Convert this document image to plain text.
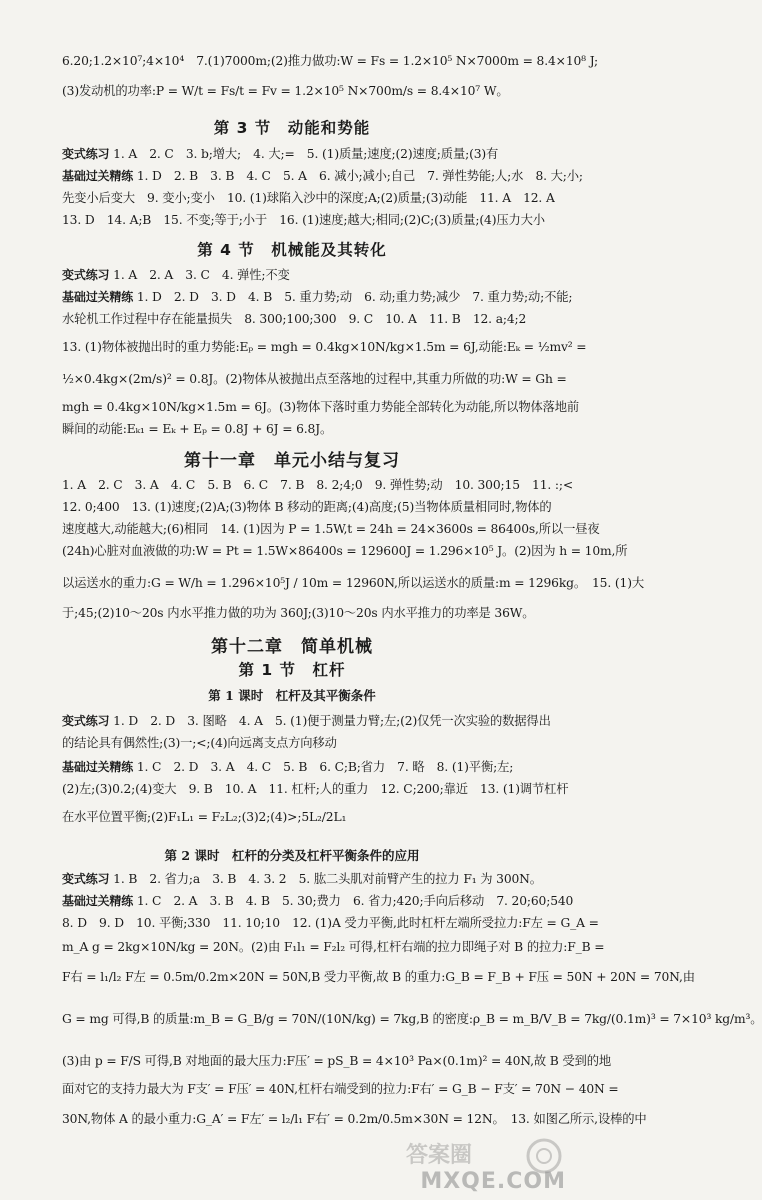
6.20;1.2×10⁷;4×10⁴　7.(1)7000m;(2)推力做功:W = Fs = 1.2×10⁵ N×7000m = 8.4×10⁸ J;
(3)发动机的功率:P = W/t = Fs/t = Fv = 1.2×10⁵ N×700m/s = 8.4×10⁷ W。
第 3 节　动能和势能
变式练习 1. A　2. C　3. b;增大;　4. 大;=　5. (1)质量;速度;(2)速度;质量;(3)有
基础过关精练 1. D　2. B　3. B　4. C　5. A　6. 减小;减小;自己　7. 弹性势能;人;水　8. 大;小;
先变小后变大　9. 变小;变小　10. (1)球陷入沙中的深度;A;(2)质量;(3)动能　11. A　12. A
13. D　14. A;B　15. 不变;等于;小于　16. (1)速度;越大;相同;(2)C;(3)质量;(4)压力大小
第 4 节　机械能及其转化
变式练习 1. A　2. A　3. C　4. 弹性;不变
基础过关精练 1. D　2. D　3. D　4. B　5. 重力势;动　6. 动;重力势;减少　7. 重力势;动;不能;
水轮机工作过程中存在能量损失　8. 300;100;300　9. C　10. A　11. B　12. a;4;2
13. (1)物体被抛出时的重力势能:Eₚ = mgh = 0.4kg×10N/kg×1.5m = 6J,动能:Eₖ = ½mv² =
½×0.4kg×(2m/s)² = 0.8J。(2)物体从被抛出点至落地的过程中,其重力所做的功:W = Gh =
mgh = 0.4kg×10N/kg×1.5m = 6J。(3)物体下落时重力势能全部转化为动能,所以物体落地前
瞬间的动能:Eₖ₁ = Eₖ + Eₚ = 0.8J + 6J = 6.8J。
第十一章　单元小结与复习
1. A　2. C　3. A　4. C　5. B　6. C　7. B　8. 2;4;0　9. 弹性势;动　10. 300;15　11. :;<
12. 0;400　13. (1)速度;(2)A;(3)物体 B 移动的距离;(4)高度;(5)当物体质量相同时,物体的
速度越大,动能越大;(6)相同　14. (1)因为 P = 1.5W,t = 24h = 24×3600s = 86400s,所以一昼夜
(24h)心脏对血液做的功:W = Pt = 1.5W×86400s = 129600J = 1.296×10⁵ J。(2)因为 h = 10m,所
以运送水的重力:G = W/h = 1.296×10⁵J / 10m = 12960N,所以运送水的质量:m = 1296kg。　15. (1)大
于;45;(2)10～20s 内水平推力做的功为 360J;(3)10～20s 内水平推力的功率是 36W。
第十二章　简单机械
第 1 节　杠杆
第 1 课时　杠杆及其平衡条件
变式练习 1. D　2. D　3. 图略　4. A　5. (1)便于测量力臂;左;(2)仅凭一次实验的数据得出
的结论具有偶然性;(3)一;<;(4)向远离支点方向移动
基础过关精练 1. C　2. D　3. A　4. C　5. B　6. C;B;省力　7. 略　8. (1)平衡;左;
(2)左;(3)0.2;(4)变大　9. B　10. A　11. 杠杆;人的重力　12. C;200;靠近　13. (1)调节杠杆
在水平位置平衡;(2)F₁L₁ = F₂L₂;(3)2;(4)>;5L₂/2L₁
第 2 课时　杠杆的分类及杠杆平衡条件的应用
变式练习 1. B　2. 省力;a　3. B　4. 3. 2　5. 肱二头肌对前臂产生的拉力 F₁ 为 300N。
基础过关精练 1. C　2. A　3. B　4. B　5. 30;费力　6. 省力;420;手向后移动　7. 20;60;540
8. D　9. D　10. 平衡;330　11. 10;10　12. (1)A 受力平衡,此时杠杆左端所受拉力:F左 = G_A =
m_A g = 2kg×10N/kg = 20N。(2)由 F₁l₁ = F₂l₂ 可得,杠杆右端的拉力即绳子对 B 的拉力:F_B =
F右 = l₁/l₂ F左 = 0.5m/0.2m×20N = 50N,B 受力平衡,故 B 的重力:G_B = F_B + F压 = 50N + 20N = 70N,由
G = mg 可得,B 的质量:m_B = G_B/g = 70N/(10N/kg) = 7kg,B 的密度:ρ_B = m_B/V_B = 7kg/(0.1m)³ = 7×10³ kg/m³。
(3)由 p = F/S 可得,B 对地面的最大压力:F压′ = pS_B = 4×10³ Pa×(0.1m)² = 40N,故 B 受到的地
面对它的支持力最大为 F支′ = F压′ = 40N,杠杆右端受到的拉力:F右′ = G_B − F支′ = 70N − 40N =
30N,物体 A 的最小重力:G_A′ = F左′ = l₂/l₁ F右′ = 0.2m/0.5m×30N = 12N。　13. 如图乙所示,设棒的中
答案圈
MXQE.COM
